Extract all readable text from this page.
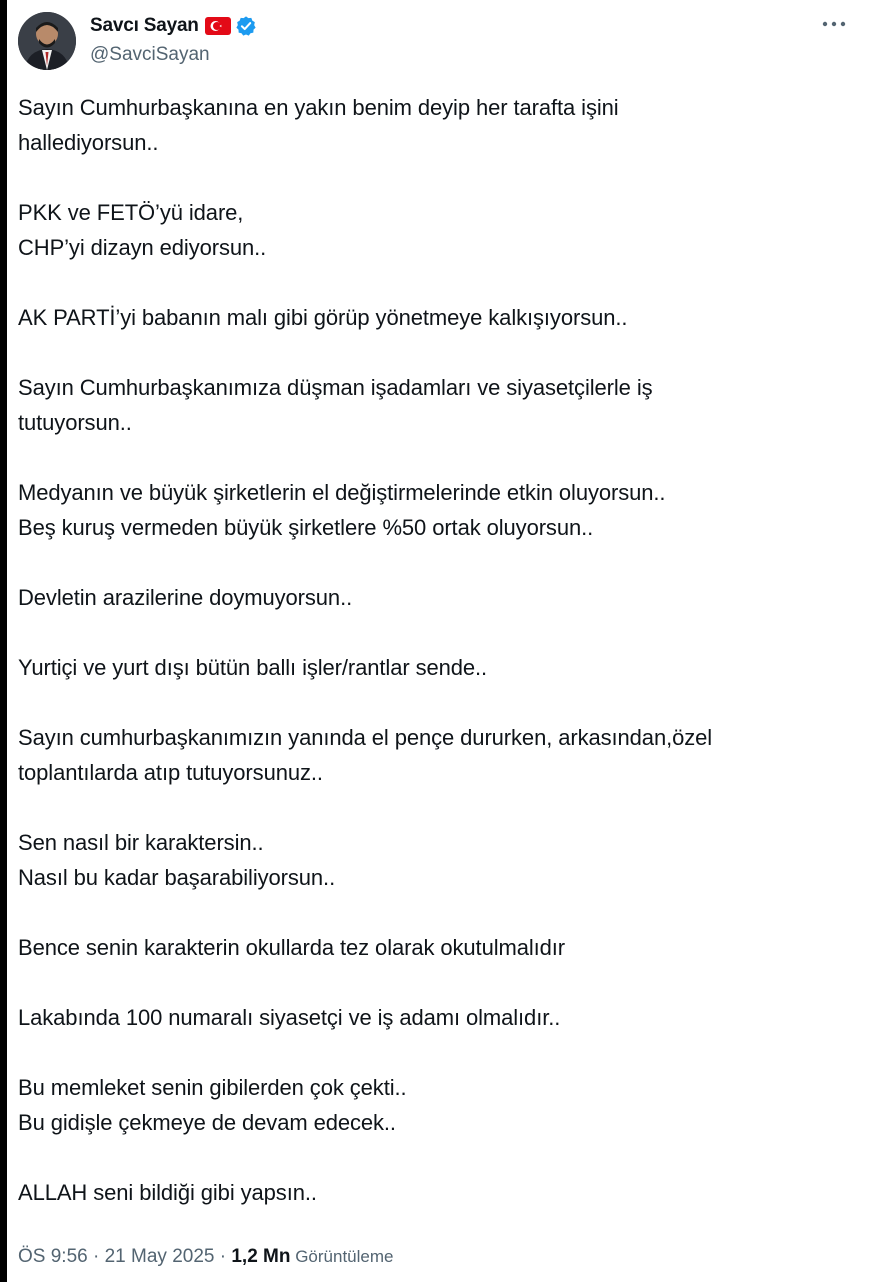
Savcı Sayan
@SavciSayan

Sayın Cumhurbaşkanına en yakın benim deyip her tarafta işini
hallediyorsun..

PKK ve FETÖ’yü idare,
CHP’yi dizayn ediyorsun..

AK PARTİ’yi babanın malı gibi görüp yönetmeye kalkışıyorsun..

Sayın Cumhurbaşkanımıza düşman işadamları ve siyasetçilerle iş
tutuyorsun..

Medyanın ve büyük şirketlerin el değiştirmelerinde etkin oluyorsun..
Beş kuruş vermeden büyük şirketlere %50 ortak oluyorsun..

Devletin arazilerine doymuyorsun..

Yurtiçi ve yurt dışı bütün ballı işler/rantlar sende..

Sayın cumhurbaşkanımızın yanında el pençe dururken, arkasından,özel
toplantılarda atıp tutuyorsunuz..

Sen nasıl bir karaktersin..
Nasıl bu kadar başarabiliyorsun..

Bence senin karakterin okullarda tez olarak okutulmalıdır

Lakabında 100 numaralı siyasetçi ve iş adamı olmalıdır..

Bu memleket senin gibilerden çok çekti..
Bu gidişle çekmeye de devam edecek..

ALLAH seni bildiği gibi yapsın..

ÖS 9:56 · 21 May 2025 · 1,2 Mn Görüntüleme
